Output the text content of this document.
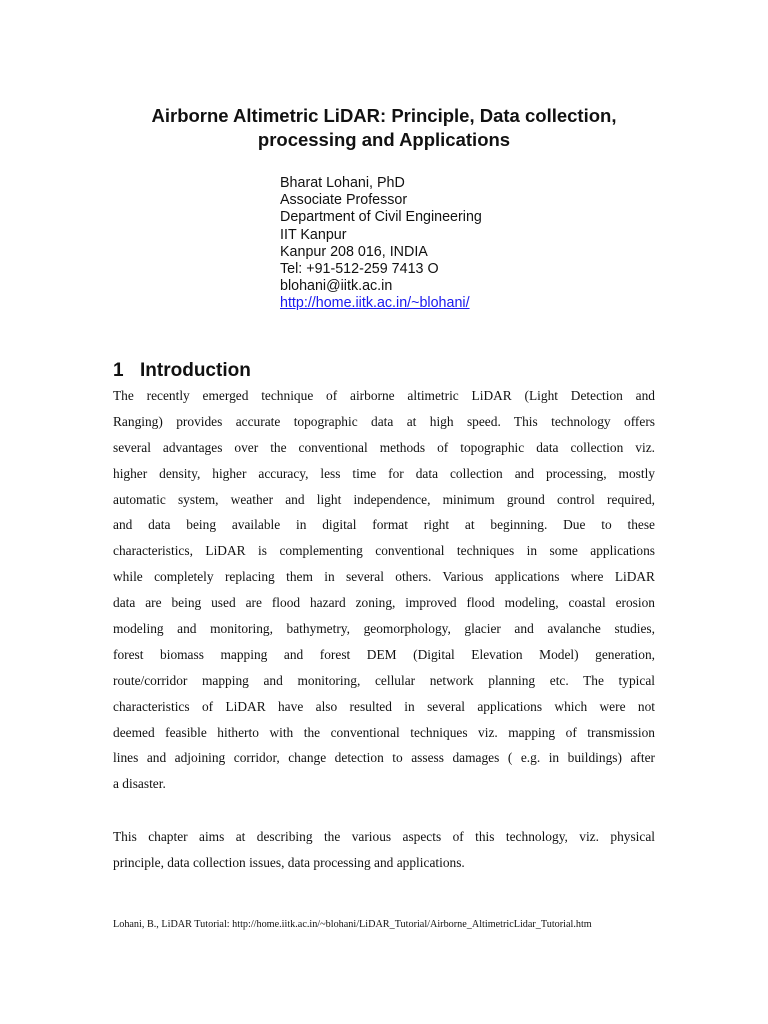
Airborne Altimetric LiDAR: Principle, Data collection,
processing and Applications
Bharat Lohani, PhD
Associate Professor
Department of Civil Engineering
IIT Kanpur
Kanpur 208 016, INDIA
Tel: +91-512-259 7413 O
blohani@iitk.ac.in
http://home.iitk.ac.in/~blohani/
1 Introduction
The recently emerged technique of airborne altimetric LiDAR (Light Detection and
Ranging) provides accurate topographic data at high speed. This technology offers
several advantages over the conventional methods of topographic data collection viz.
higher density, higher accuracy, less time for data collection and processing, mostly
automatic system, weather and light independence, minimum ground control required,
and data being available in digital format right at beginning. Due to these
characteristics, LiDAR is complementing conventional techniques in some applications
while completely replacing them in several others. Various applications where LiDAR
data are being used are flood hazard zoning, improved flood modeling, coastal erosion
modeling and monitoring, bathymetry, geomorphology, glacier and avalanche studies,
forest biomass mapping and forest DEM (Digital Elevation Model) generation,
route/corridor mapping and monitoring, cellular network planning etc. The typical
characteristics of LiDAR have also resulted in several applications which were not
deemed feasible hitherto with the conventional techniques viz. mapping of transmission
lines and adjoining corridor, change detection to assess damages ( e.g. in buildings) after
a disaster.
This chapter aims at describing the various aspects of this technology, viz. physical
principle, data collection issues, data processing and applications.
Lohani, B., LiDAR Tutorial: http://home.iitk.ac.in/~blohani/LiDAR_Tutorial/Airborne_AltimetricLidar_Tutorial.htm
